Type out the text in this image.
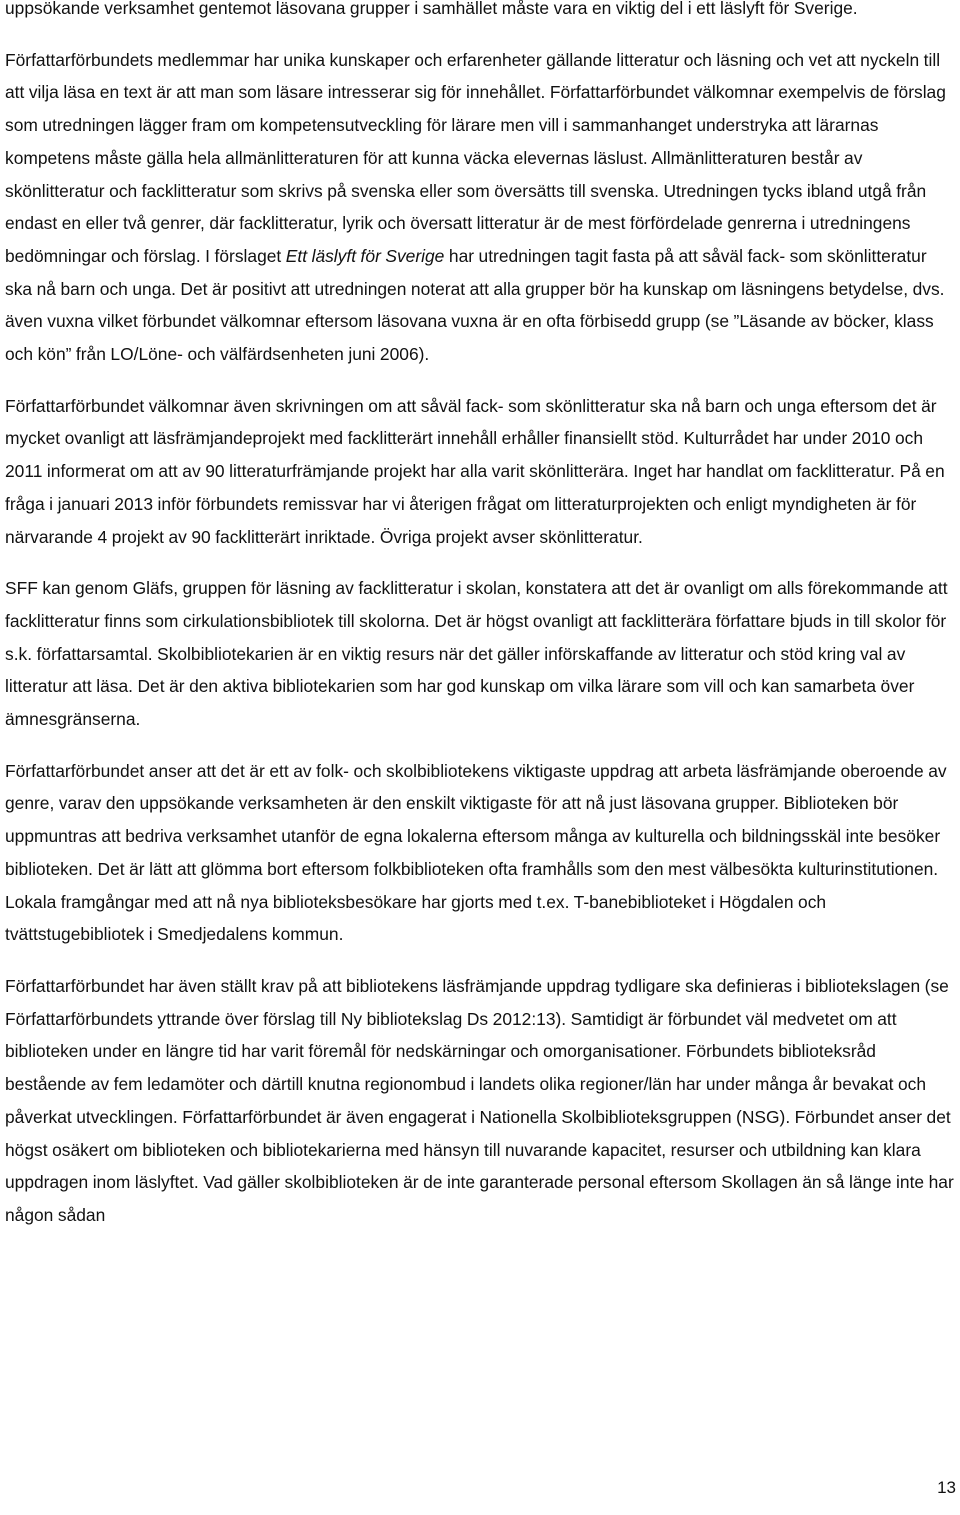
uppsökande verksamhet gentemot läsovana grupper i samhället måste vara en viktig del i ett läslyft för Sverige.

Författarförbundets medlemmar har unika kunskaper och erfarenheter gällande litteratur och läsning och vet att nyckeln till att vilja läsa en text är att man som läsare intresserar sig för innehållet. Författarförbundet välkomnar exempelvis de förslag som utredningen lägger fram om kompetensutveckling för lärare men vill i sammanhanget understryka att lärarnas kompetens måste gälla hela allmänlitteraturen för att kunna väcka elevernas läslust. Allmänlitteraturen består av skönlitteratur och facklitteratur som skrivs på svenska eller som översätts till svenska. Utredningen tycks ibland utgå från endast en eller två genrer, där facklitteratur, lyrik och översatt litteratur är de mest förfördelade genrerna i utredningens bedömningar och förslag. I förslaget Ett läslyft för Sverige har utredningen tagit fasta på att såväl fack- som skönlitteratur ska nå barn och unga. Det är positivt att utredningen noterat att alla grupper bör ha kunskap om läsningens betydelse, dvs. även vuxna vilket förbundet välkomnar eftersom läsovana vuxna är en ofta förbisedd grupp (se ”Läsande av böcker, klass och kön” från LO/Löne- och välfärdsenheten juni 2006).

Författarförbundet välkomnar även skrivningen om att såväl fack- som skönlitteratur ska nå barn och unga eftersom det är mycket ovanligt att läsfrämjandeprojekt med facklitterärt innehåll erhåller finansiellt stöd. Kulturrådet har under 2010 och 2011 informerat om att av 90 litteraturfrämjande projekt har alla varit skönlitterära. Inget har handlat om facklitteratur. På en fråga i januari 2013 inför förbundets remissvar har vi återigen frågat om litteraturprojekten och enligt myndigheten är för närvarande 4 projekt av 90 facklitterärt inriktade. Övriga projekt avser skönlitteratur.

SFF kan genom Gläfs, gruppen för läsning av facklitteratur i skolan, konstatera att det är ovanligt om alls förekommande att facklitteratur finns som cirkulationsbibliotek till skolorna. Det är högst ovanligt att facklitterära författare bjuds in till skolor för s.k. författarsamtal. Skolbibliotekarien är en viktig resurs när det gäller införskaffande av litteratur och stöd kring val av litteratur att läsa. Det är den aktiva bibliotekarien som har god kunskap om vilka lärare som vill och kan samarbeta över ämnesgränserna.

Författarförbundet anser att det är ett av folk- och skolbibliotekens viktigaste uppdrag att arbeta läsfrämjande oberoende av genre, varav den uppsökande verksamheten är den enskilt viktigaste för att nå just läsovana grupper. Biblioteken bör uppmuntras att bedriva verksamhet utanför de egna lokalerna eftersom många av kulturella och bildningsskäl inte besöker biblioteken. Det är lätt att glömma bort eftersom folkbiblioteken ofta framhålls som den mest välbesökta kulturinstitutionen. Lokala framgångar med att nå nya biblioteksbesökare har gjorts med t.ex. T-banebiblioteket i Högdalen och tvättstugebibliotek i Smedjedalens kommun.

Författarförbundet har även ställt krav på att bibliotekens läsfrämjande uppdrag tydligare ska definieras i bibliotekslagen (se Författarförbundets yttrande över förslag till Ny bibliotekslag Ds 2012:13). Samtidigt är förbundet väl medvetet om att biblioteken under en längre tid har varit föremål för nedskärningar och omorganisationer. Förbundets biblioteksråd bestående av fem ledamöter och därtill knutna regionombud i landets olika regioner/län har under många år bevakat och påverkat utvecklingen. Författarförbundet är även engagerat i Nationella Skolbiblioteksgruppen (NSG). Förbundet anser det högst osäkert om biblioteken och bibliotekarierna med hänsyn till nuvarande kapacitet, resurser och utbildning kan klara uppdragen inom läslyftet. Vad gäller skolbiblioteken är de inte garanterade personal eftersom Skollagen än så länge inte har någon sådan

13
